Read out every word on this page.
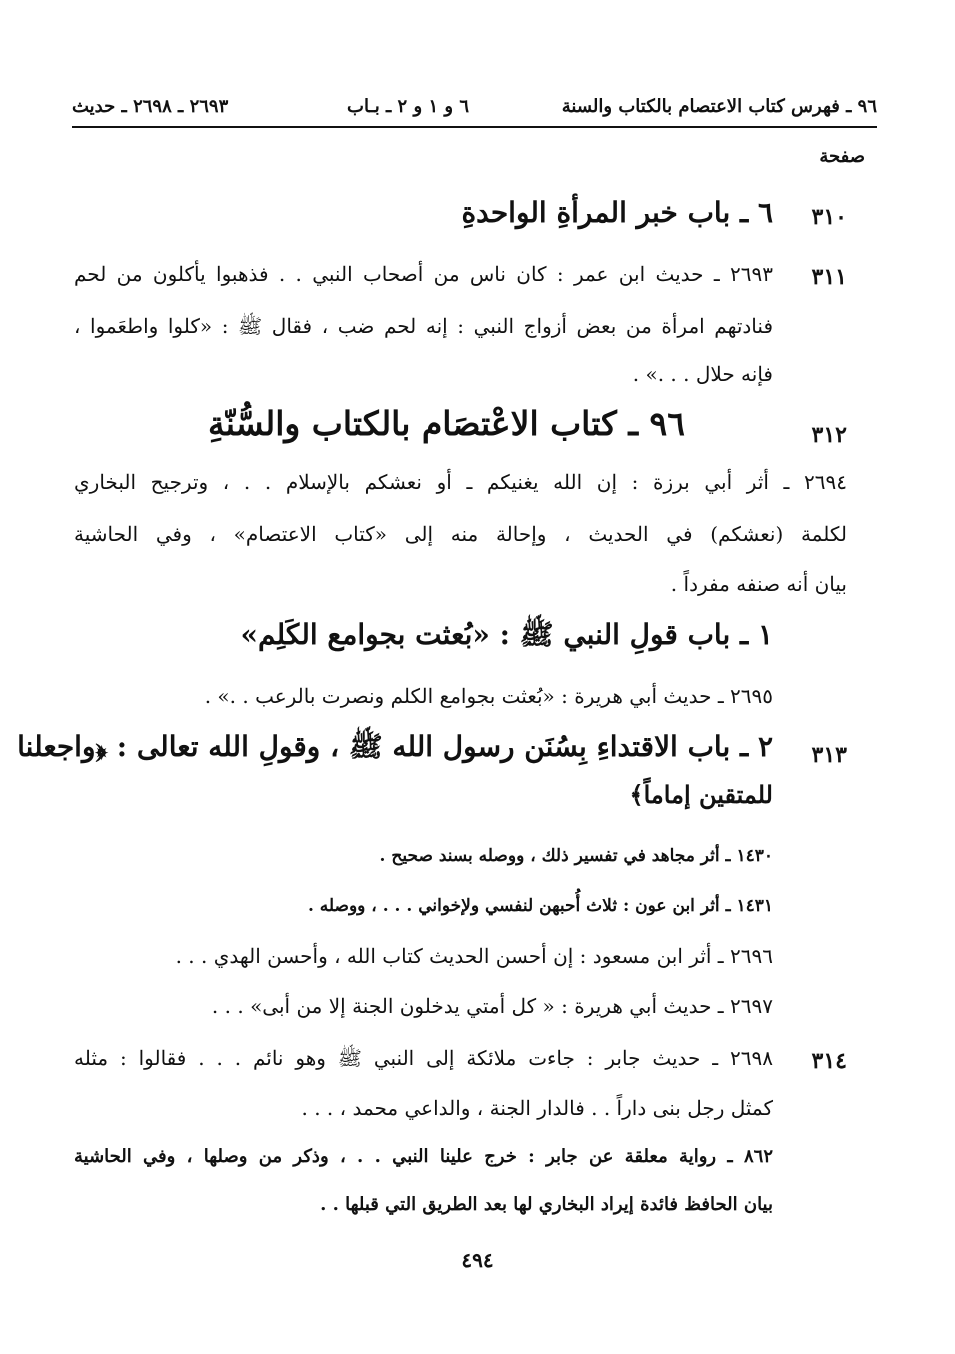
٩٦ ـ فهرس كتاب الاعتصام بالكتاب والسنة
٦ و ١ و ٢ ـ بـاب
٢٦٩٣ ـ ٢٦٩٨ ـ حديث
صفحة
٣١٠
٦ ـ باب خبر المرأةِ الواحدةِ
٣١١
٢٦٩٣ ـ حديث ابن عمر : كان ناس من أصحاب النبي . . فذهبوا يأكلون من لحم
فنادتهم امرأة من بعض أزواج النبي : إنه لحم ضب ، فقال ﷺ : «كلوا واطعَموا ،
فإنه حلال . . .» .
٣١٢
٩٦ ـ كتاب الاعْتصَام بالكتاب والسُّنّةِ
٢٦٩٤ ـ أثر أبي برزة : إن الله يغنيكم ـ أو نعشكم بالإسلام . . ، وترجيح البخاري
لكلمة (نعشكم) في الحديث ، وإحالة منه إلى «كتاب الاعتصام» ، وفي الحاشية
بيان أنه صنفه مفرداً .
١ ـ باب قولِ النبي ﷺ : «بُعثت بجوامع الكَلِم»
٢٦٩٥ ـ حديث أبي هريرة : «بُعثت بجوامع الكلم ونصرت بالرعب . .» .
٣١٣
٢ ـ باب الاقتداءِ بِسُنَن رسول الله ﷺ ، وقولِ الله تعالى : ﴿واجعلنا
للمتقين إماماً﴾
١٤٣٠ ـ أثر مجاهد في تفسير ذلك ، ووصله بسند صحيح .
١٤٣١ ـ أثر ابن عون : ثلاث أُحبهن لنفسي ولإخواني . . . ، ووصله .
٢٦٩٦ ـ أثر ابن مسعود : إن أحسن الحديث كتاب الله ، وأحسن الهدي . . .
٢٦٩٧ ـ حديث أبي هريرة : « كل أمتي يدخلون الجنة إلا من أبى» . . .
٣١٤
٢٦٩٨ ـ حديث جابر : جاءت ملائكة إلى النبي ﷺ وهو نائم . . . فقالوا : مثله
كمثل رجل بنى داراً . . فالدار الجنة ، والداعي محمد ، . . .
٨٦٢ ـ رواية معلقة عن جابر : خرج علينا النبي . . ، وذكر من وصلها ، وفي الحاشية
بيان الحافظ فائدة إيراد البخاري لها بعد الطريق التي قبلها . .
٤٩٤
